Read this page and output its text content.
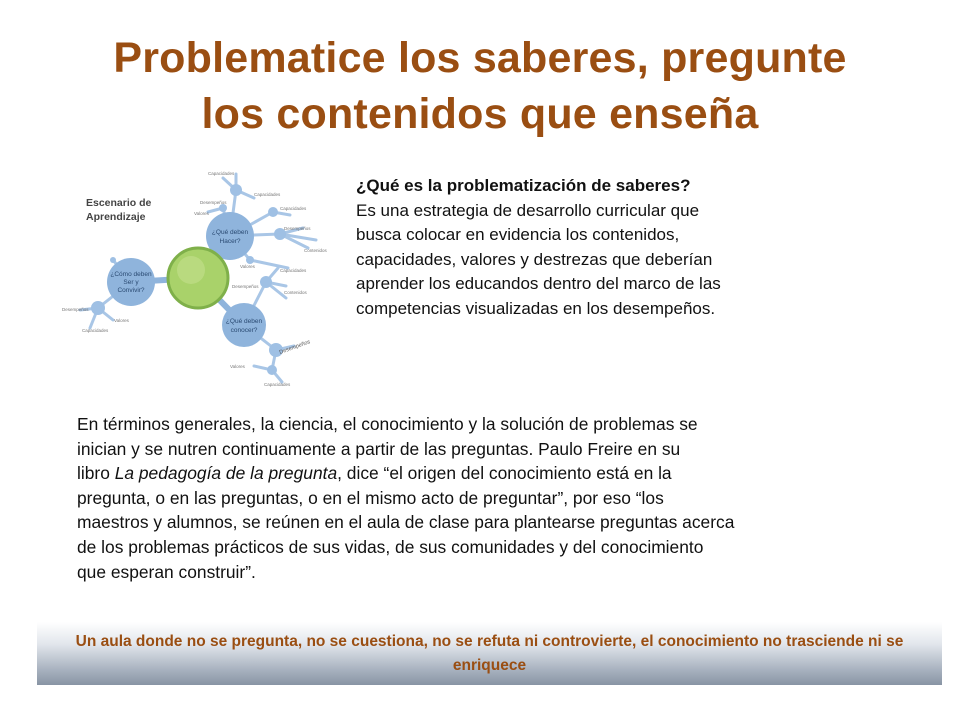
Problematice los saberes, pregunte
los contenidos que enseña
Escenario de
Aprendizaje
¿Qué deben
Hacer?
¿Cómo deben
Ser y
Convivir?
¿Qué deben
conocer?
Capacidades
Desempeños
Valores
Capacidades
Capacidades
Desempeños
Contenidos
Valores
Capacidades
Desempeños
Contenidos
Desempeños
Valores
Capacidades
Desempeños
Valores
Capacidades
¿Qué es la problematización de saberes?
Es una estrategia de desarrollo curricular que
busca colocar en evidencia los contenidos,
capacidades, valores y destrezas que deberían
aprender los educandos dentro del marco de las
competencias visualizadas en los desempeños.
En términos generales, la ciencia, el conocimiento y la solución de problemas se
inician y se nutren continuamente a partir de las preguntas. Paulo Freire en su
libro La pedagogía de la pregunta, dice “el origen del conocimiento está en la
pregunta, o en las preguntas, o en el mismo acto de preguntar”, por eso “los
maestros y alumnos, se reúnen en el aula de clase para plantearse preguntas acerca
de los problemas prácticos de sus vidas, de sus comunidades y del conocimiento
que esperan construir”.
Un aula donde no se pregunta, no se cuestiona, no se refuta ni controvierte, el conocimiento no trasciende ni se enriquece
